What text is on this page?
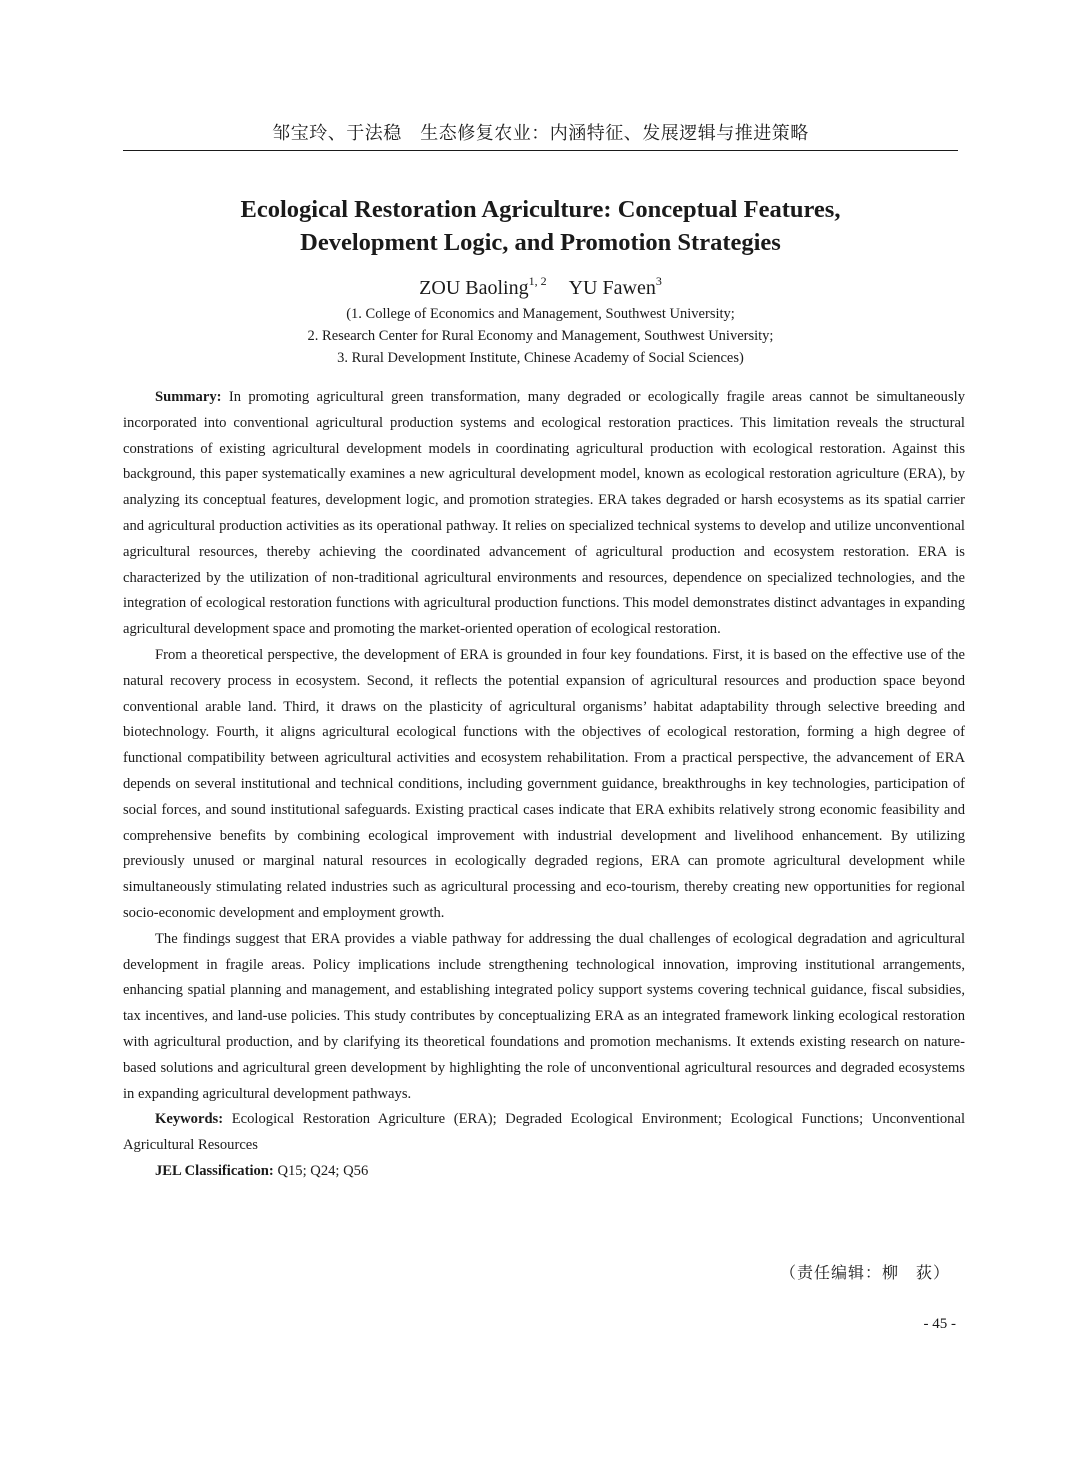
邹宝玲、于法稳　生态修复农业：内涵特征、发展逻辑与推进策略
Ecological Restoration Agriculture: Conceptual Features,
Development Logic, and Promotion Strategies
ZOU Baoling$^{1, 2}$ YU Fawen$^3$
(1. College of Economics and Management, Southwest University;
2. Research Center for Rural Economy and Management, Southwest University;
3. Rural Development Institute, Chinese Academy of Social Sciences)

Summary: In promoting agricultural green transformation, many degraded or ecologically fragile areas cannot be simultaneously incorporated into conventional agricultural production systems and ecological restoration practices. This limitation reveals the structural constrations of existing agricultural development models in coordinating agricultural production with ecological restoration. Against this background, this paper systematically examines a new agricultural development model, known as ecological restoration agriculture (ERA), by analyzing its conceptual features, development logic, and promotion strategies. ERA takes degraded or harsh ecosystems as its spatial carrier and agricultural production activities as its operational pathway. It relies on specialized technical systems to develop and utilize unconventional agricultural resources, thereby achieving the coordinated advancement of agricultural production and ecosystem restoration. ERA is characterized by the utilization of non-traditional agricultural environments and resources, dependence on specialized technologies, and the integration of ecological restoration functions with agricultural production functions. This model demonstrates distinct advantages in expanding agricultural development space and promoting the market-oriented operation of ecological restoration.

From a theoretical perspective, the development of ERA is grounded in four key foundations. First, it is based on the effective use of the natural recovery process in ecosystem. Second, it reflects the potential expansion of agricultural resources and production space beyond conventional arable land. Third, it draws on the plasticity of agricultural organisms’ habitat adaptability through selective breeding and biotechnology. Fourth, it aligns agricultural ecological functions with the objectives of ecological restoration, forming a high degree of functional compatibility between agricultural activities and ecosystem rehabilitation. From a practical perspective, the advancement of ERA depends on several institutional and technical conditions, including government guidance, breakthroughs in key technologies, participation of social forces, and sound institutional safeguards. Existing practical cases indicate that ERA exhibits relatively strong economic feasibility and comprehensive benefits by combining ecological improvement with industrial development and livelihood enhancement. By utilizing previously unused or marginal natural resources in ecologically degraded regions, ERA can promote agricultural development while simultaneously stimulating related industries such as agricultural processing and eco-tourism, thereby creating new opportunities for regional socio-economic development and employment growth.

The findings suggest that ERA provides a viable pathway for addressing the dual challenges of ecological degradation and agricultural development in fragile areas. Policy implications include strengthening technological innovation, improving institutional arrangements, enhancing spatial planning and management, and establishing integrated policy support systems covering technical guidance, fiscal subsidies, tax incentives, and land-use policies. This study contributes by conceptualizing ERA as an integrated framework linking ecological restoration with agricultural production, and by clarifying its theoretical foundations and promotion mechanisms. It extends existing research on nature-based solutions and agricultural green development by highlighting the role of unconventional agricultural resources and degraded ecosystems in expanding agricultural development pathways.

Keywords: Ecological Restoration Agriculture (ERA); Degraded Ecological Environment; Ecological Functions; Unconventional Agricultural Resources

JEL Classification: Q15; Q24; Q56

（责任编辑：柳　荻）
- 45 -
